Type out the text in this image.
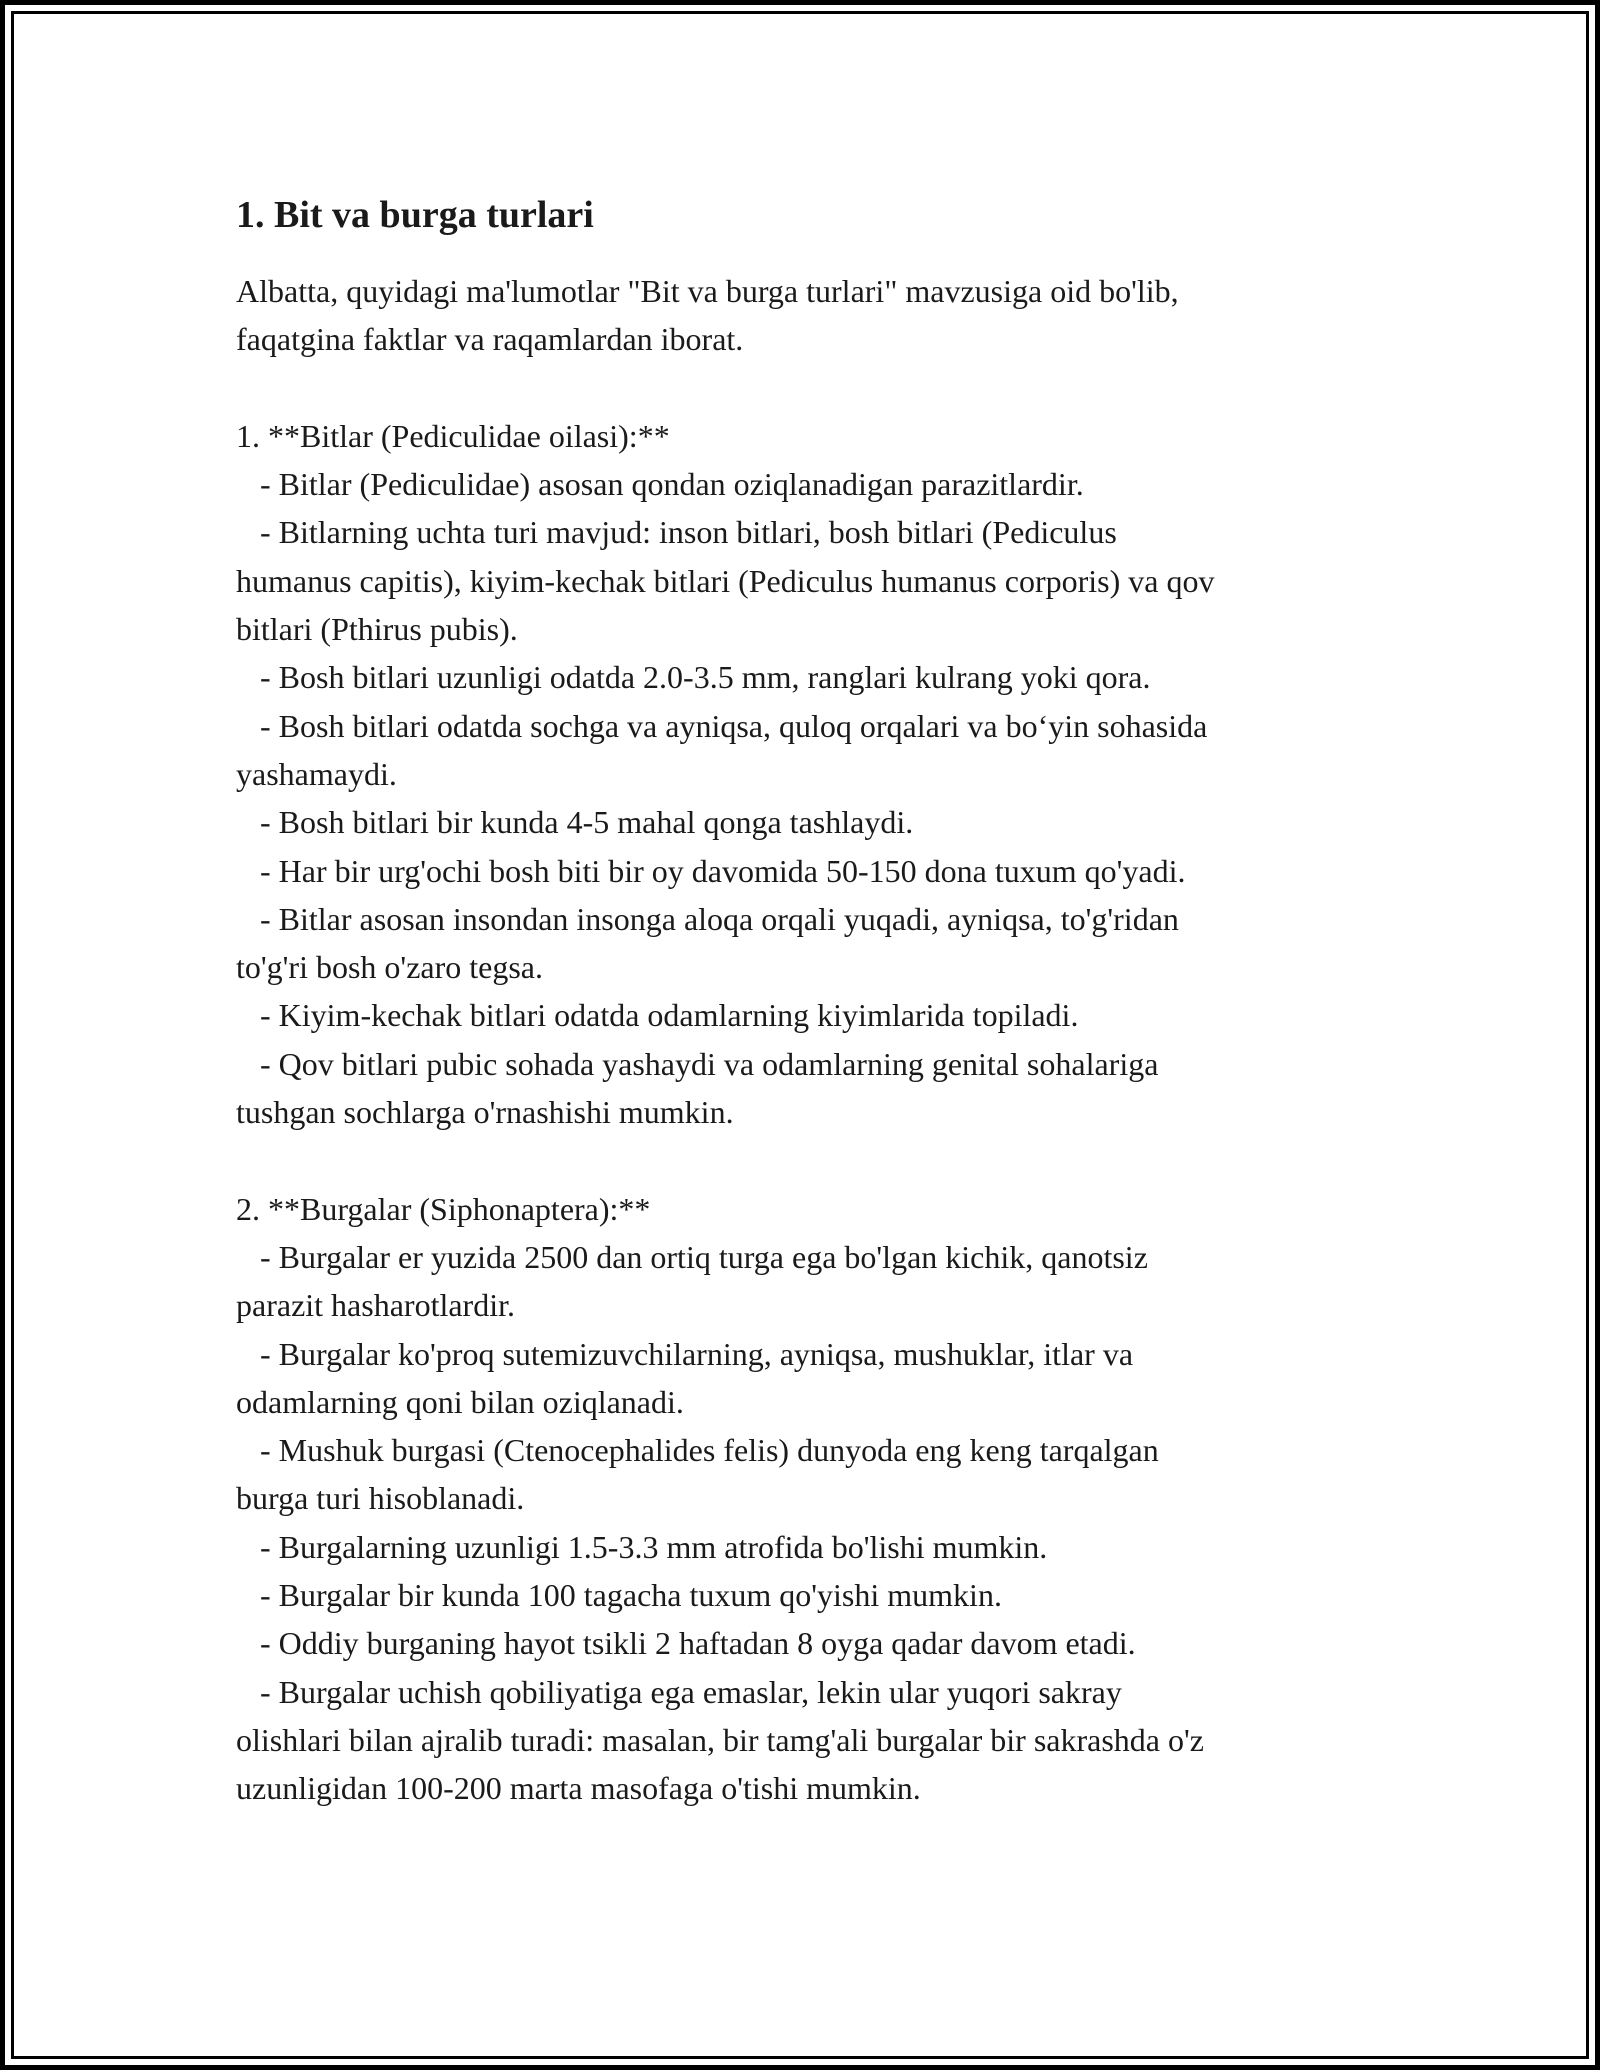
1. Bit va burga turlari

Albatta, quyidagi ma'lumotlar "Bit va burga turlari" mavzusiga oid bo'lib,
faqatgina faktlar va raqamlardan iborat.

1. **Bitlar (Pediculidae oilasi):**

- Bitlar (Pediculidae) asosan qondan oziqlanadigan parazitlardir.

- Bitlarning uchta turi mavjud: inson bitlari, bosh bitlari (Pediculus
humanus capitis), kiyim-kechak bitlari (Pediculus humanus corporis) va qov
bitlari (Pthirus pubis).

- Bosh bitlari uzunligi odatda 2.0-3.5 mm, ranglari kulrang yoki qora.

- Bosh bitlari odatda sochga va ayniqsa, quloq orqalari va bo‘yin sohasida
yashamaydi.

- Bosh bitlari bir kunda 4-5 mahal qonga tashlaydi.

- Har bir urg'ochi bosh biti bir oy davomida 50-150 dona tuxum qo'yadi.

- Bitlar asosan insondan insonga aloqa orqali yuqadi, ayniqsa, to'g'ridan
to'g'ri bosh o'zaro tegsa.

- Kiyim-kechak bitlari odatda odamlarning kiyimlarida topiladi.

- Qov bitlari pubic sohada yashaydi va odamlarning genital sohalariga
tushgan sochlarga o'rnashishi mumkin.

2. **Burgalar (Siphonaptera):**

- Burgalar er yuzida 2500 dan ortiq turga ega bo'lgan kichik, qanotsiz
parazit hasharotlardir.

- Burgalar ko'proq sutemizuvchilarning, ayniqsa, mushuklar, itlar va
odamlarning qoni bilan oziqlanadi.

- Mushuk burgasi (Ctenocephalides felis) dunyoda eng keng tarqalgan
burga turi hisoblanadi.

- Burgalarning uzunligi 1.5-3.3 mm atrofida bo'lishi mumkin.

- Burgalar bir kunda 100 tagacha tuxum qo'yishi mumkin.

- Oddiy burganing hayot tsikli 2 haftadan 8 oyga qadar davom etadi.

- Burgalar uchish qobiliyatiga ega emaslar, lekin ular yuqori sakray
olishlari bilan ajralib turadi: masalan, bir tamg'ali burgalar bir sakrashda o'z
uzunligidan 100-200 marta masofaga o'tishi mumkin.
